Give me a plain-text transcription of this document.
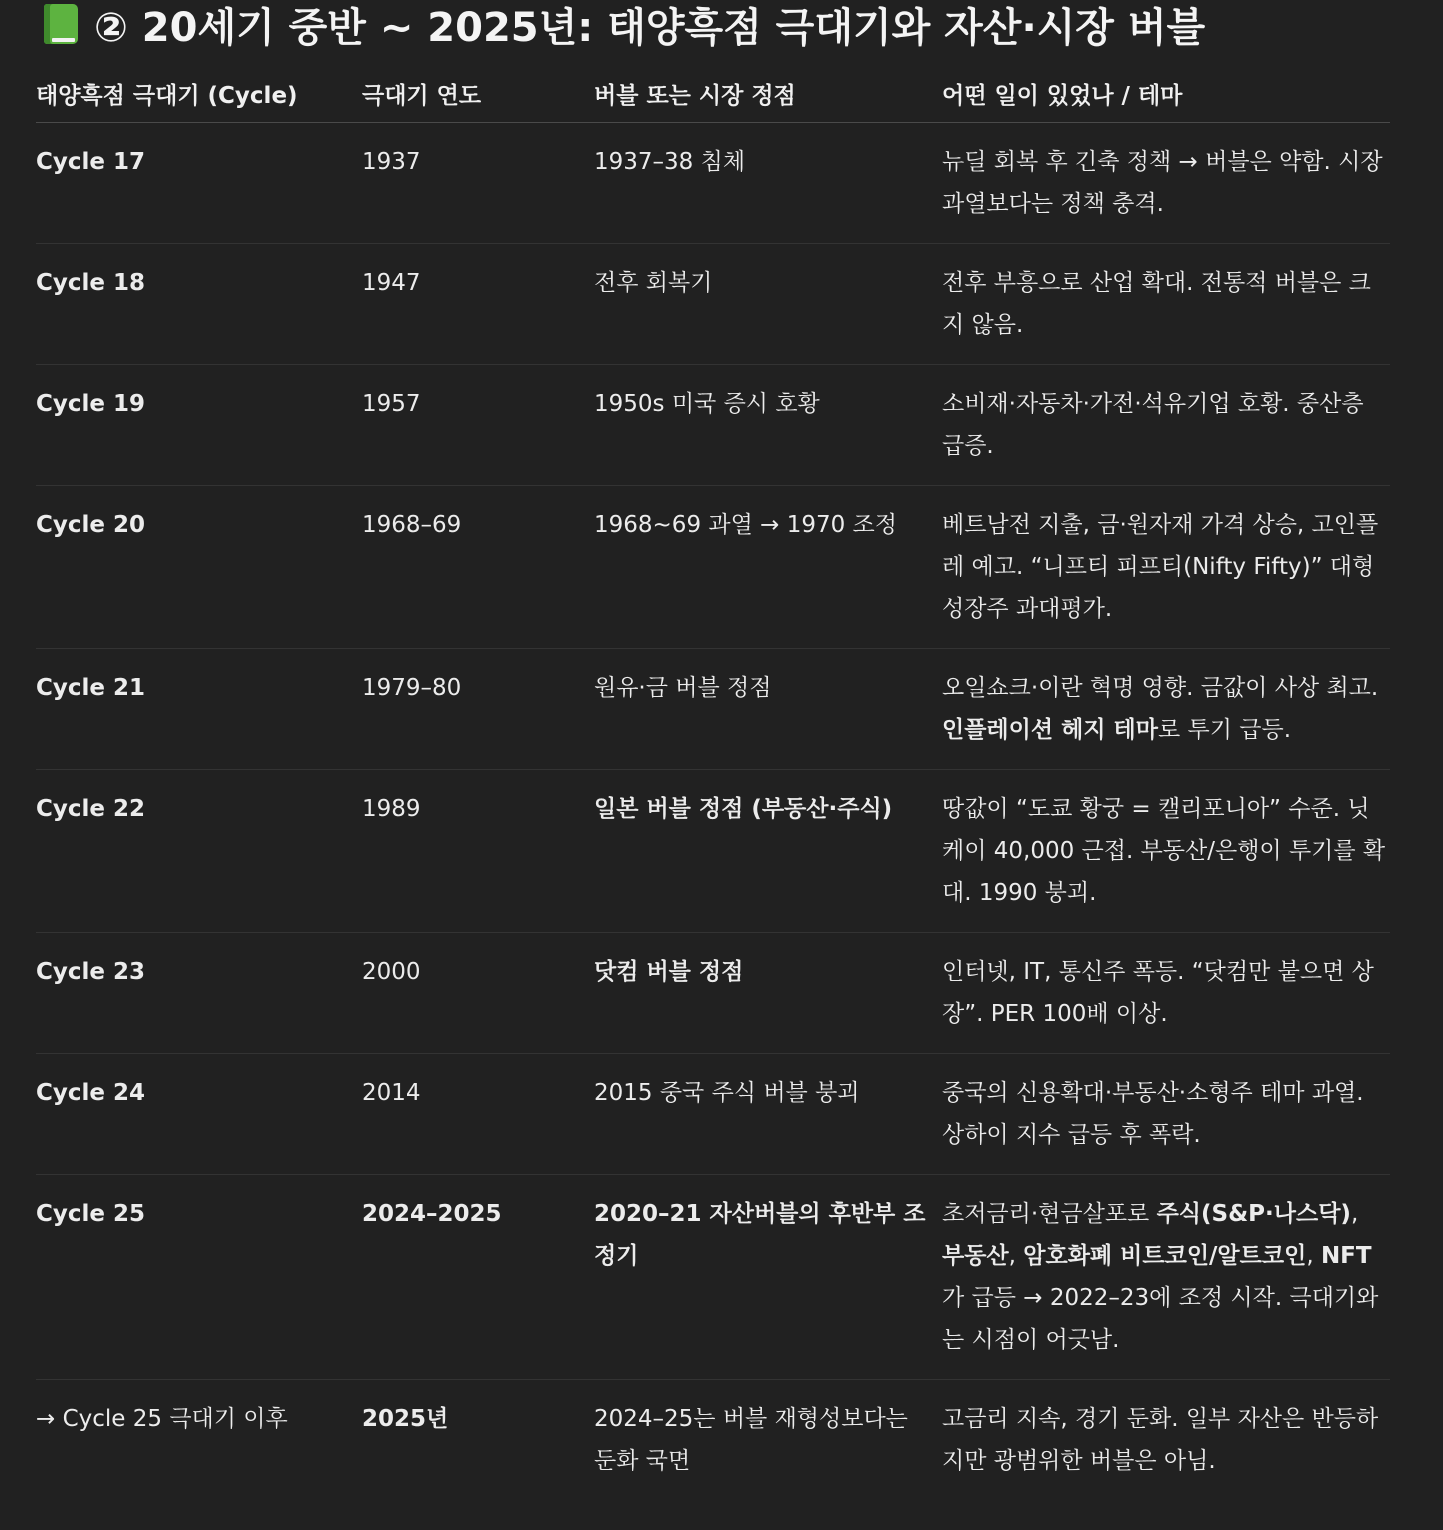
② 20세기 중반 ~ 2025년: 태양흑점 극대기와 자산·시장 버블
태양흑점 극대기 (Cycle)	극대기 연도	버블 또는 시장 정점	어떤 일이 있었나 / 테마
Cycle 17	1937	1937–38 침체	뉴딜 회복 후 긴축 정책 → 버블은 약함. 시장 과열보다는 정책 충격.
Cycle 18	1947	전후 회복기	전후 부흥으로 산업 확대. 전통적 버블은 크지 않음.
Cycle 19	1957	1950s 미국 증시 호황	소비재·자동차·가전·석유기업 호황. 중산층 급증.
Cycle 20	1968–69	1968~69 과열 → 1970 조정	베트남전 지출, 금·원자재 가격 상승, 고인플레 예고. “니프티 피프티(Nifty Fifty)” 대형 성장주 과대평가.
Cycle 21	1979–80	원유·금 버블 정점	오일쇼크·이란 혁명 영향. 금값이 사상 최고. 인플레이션 헤지 테마로 투기 급등.
Cycle 22	1989	일본 버블 정점 (부동산·주식)	땅값이 “도쿄 황궁 = 캘리포니아” 수준. 닛케이 40,000 근접. 부동산/은행이 투기를 확대. 1990 붕괴.
Cycle 23	2000	닷컴 버블 정점	인터넷, IT, 통신주 폭등. “닷컴만 붙으면 상장”. PER 100배 이상.
Cycle 24	2014	2015 중국 주식 버블 붕괴	중국의 신용확대·부동산·소형주 테마 과열. 상하이 지수 급등 후 폭락.
Cycle 25	2024–2025	2020–21 자산버블의 후반부 조정기	초저금리·현금살포로 주식(S&P·나스닥), 부동산, 암호화폐 비트코인/알트코인, NFT가 급등 → 2022–23에 조정 시작. 극대기와는 시점이 어긋남.
→ Cycle 25 극대기 이후	2025년	2024–25는 버블 재형성보다는 둔화 국면	고금리 지속, 경기 둔화. 일부 자산은 반등하지만 광범위한 버블은 아님.
